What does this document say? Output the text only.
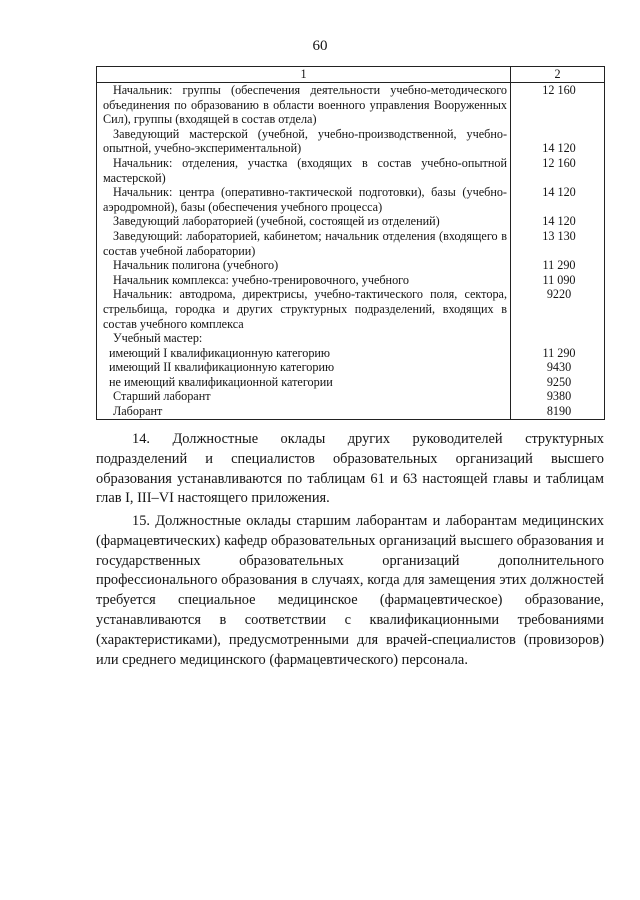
60
1	2
Начальник: группы (обеспечения деятельности учебно-методического объединения по образованию в области военного управления Вооруженных Сил), группы (входящей в состав отдела)	12 160
Заведующий мастерской (учебной, учебно-производственной, учебно-опытной, учебно-экспериментальной)	14 120
Начальник: отделения, участка (входящих в состав учебно-опытной мастерской)	12 160
Начальник: центра (оперативно-тактической подготовки), базы (учебно-аэродромной), базы (обеспечения учебного процесса)	14 120
Заведующий лабораторией (учебной, состоящей из отделений)	14 120
Заведующий: лабораторией, кабинетом; начальник отделения (входящего в состав учебной лаборатории)	13 130
Начальник полигона (учебного)	11 290
Начальник комплекса: учебно-тренировочного, учебного	11 090
Начальник: автодрома, директрисы, учебно-тактического поля, сектора, стрельбища, городка и других структурных подразделений, входящих в состав учебного комплекса	9220
Учебный мастер:	
имеющий I квалификационную категорию	11 290
имеющий II квалификационную категорию	9430
не имеющий квалификационной категории	9250
Старший лаборант	9380
Лаборант	8190

14. Должностные оклады других руководителей структурных подразделений и специалистов образовательных организаций высшего образования устанавливаются по таблицам 61 и 63 настоящей главы и таблицам глав I, III–VI настоящего приложения.

15. Должностные оклады старшим лаборантам и лаборантам медицинских (фармацевтических) кафедр образовательных организаций высшего образования и государственных образовательных организаций дополнительного профессионального образования в случаях, когда для замещения этих должностей требуется специальное медицинское (фармацевтическое) образование, устанавливаются в соответствии с квалификационными требованиями (характеристиками), предусмотренными для врачей-специалистов (провизоров) или среднего медицинского (фармацевтического) персонала.
